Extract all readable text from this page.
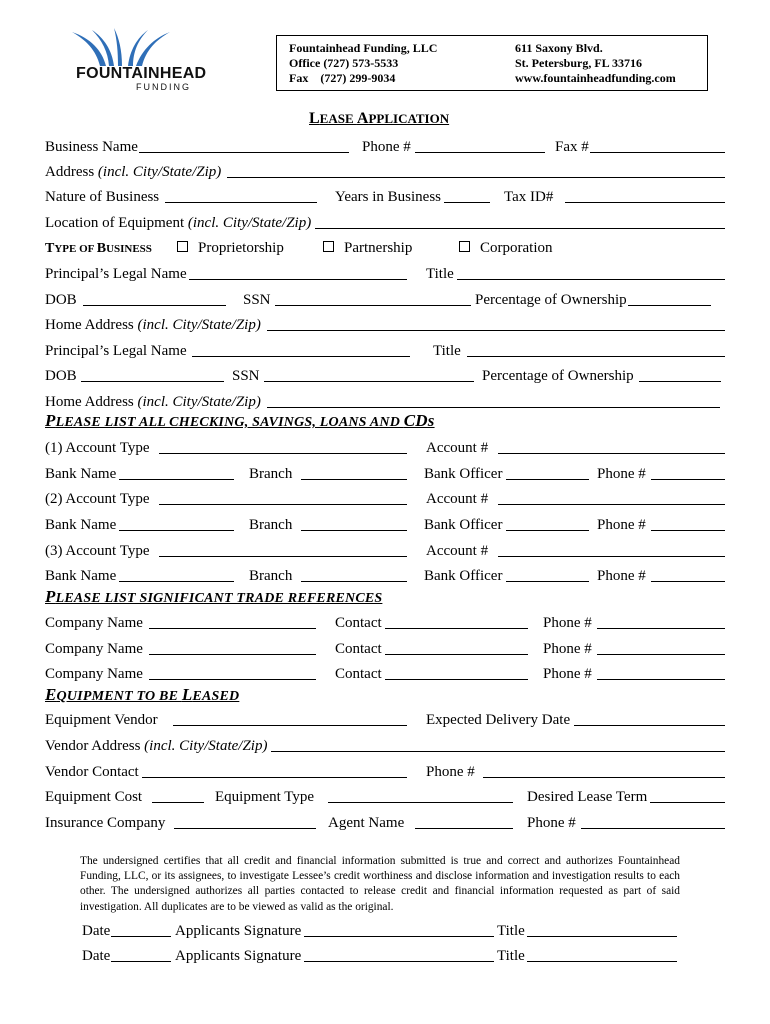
FOUNTAINHEAD
FUNDING
Fountainhead Funding, LLC
Office (727) 573-5533
Fax (727) 299-9034
611 Saxony Blvd.
St. Petersburg, FL 33716
www.fountainheadfunding.com
LEASE APPLICATION
Business Name	Phone #	Fax #
Address (incl. City/State/Zip)
Nature of Business	Years in Business	Tax ID#
Location of Equipment (incl. City/State/Zip)
TYPE OF BUSINESS	Proprietorship	Partnership	Corporation
Principal’s Legal Name	Title
DOB	SSN	Percentage of Ownership
Home Address (incl. City/State/Zip)
Principal’s Legal Name	Title
DOB	SSN	Percentage of Ownership
Home Address (incl. City/State/Zip)
PLEASE LIST ALL CHECKING, SAVINGS, LOANS AND CDs
(1) Account Type	Account #
Bank Name	Branch	Bank Officer	Phone #
(2) Account Type	Account #
Bank Name	Branch	Bank Officer	Phone #
(3) Account Type	Account #
Bank Name	Branch	Bank Officer	Phone #
PLEASE LIST SIGNIFICANT TRADE REFERENCES
Company Name	Contact	Phone #
Company Name	Contact	Phone #
Company Name	Contact	Phone #
EQUIPMENT TO BE LEASED
Equipment Vendor	Expected Delivery Date
Vendor Address (incl. City/State/Zip)
Vendor Contact	Phone #
Equipment Cost	Equipment Type	Desired Lease Term
Insurance Company	Agent Name	Phone #
The undersigned certifies that all credit and financial information submitted is true and correct and authorizes Fountainhead Funding, LLC, or its assignees, to investigate Lessee’s credit worthiness and disclose information and investigation results to each other. The undersigned authorizes all parties contacted to release credit and financial information requested as part of said investigation. All duplicates are to be viewed as valid as the original.
Date	Applicants Signature	Title
Date	Applicants Signature	Title
